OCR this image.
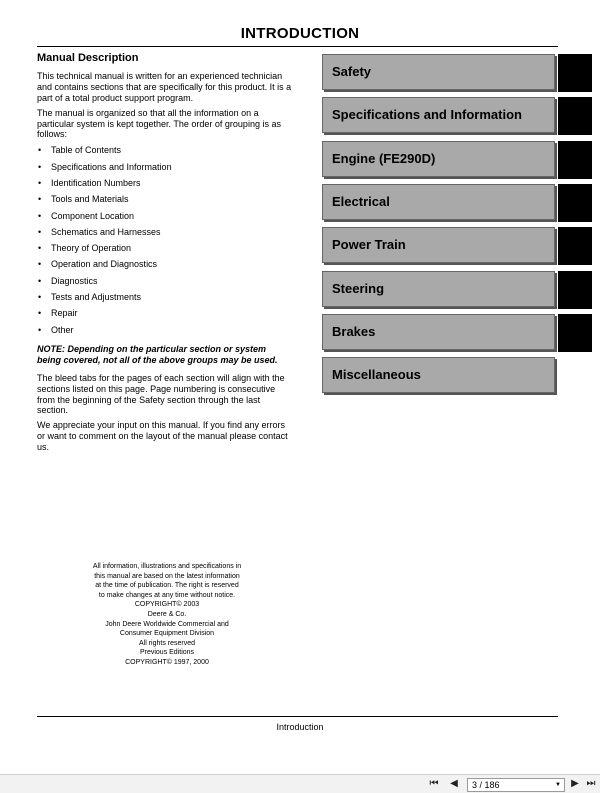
INTRODUCTION
Manual Description

This technical manual is written for an experienced technician and contains sections that are specifically for this product. It is a part of a total product support program.

The manual is organized so that all the information on a particular system is kept together. The order of grouping is as follows:

• Table of Contents
• Specifications and Information
• Identification Numbers
• Tools and Materials
• Component Location
• Schematics and Harnesses
• Theory of Operation
• Operation and Diagnostics
• Diagnostics
• Tests and Adjustments
• Repair
• Other

NOTE: Depending on the particular section or system being covered, not all of the above groups may be used.

The bleed tabs for the pages of each section will align with the sections listed on this page. Page numbering is consecutive from the beginning of the Safety section through the last section.

We appreciate your input on this manual. If you find any errors or want to comment on the layout of the manual please contact us.

Safety
Specifications and Information
Engine (FE290D)
Electrical
Power Train
Steering
Brakes
Miscellaneous
All information, illustrations and specifications in this manual are based on the latest information at the time of publication. The right is reserved to make changes at any time without notice.
COPYRIGHT© 2003
Deere & Co.
John Deere Worldwide Commercial and Consumer Equipment Division
All rights reserved
Previous Editions
COPYRIGHT© 1997, 2000
Introduction
⏮	◀	3 / 186	▼	▶ ⏭
